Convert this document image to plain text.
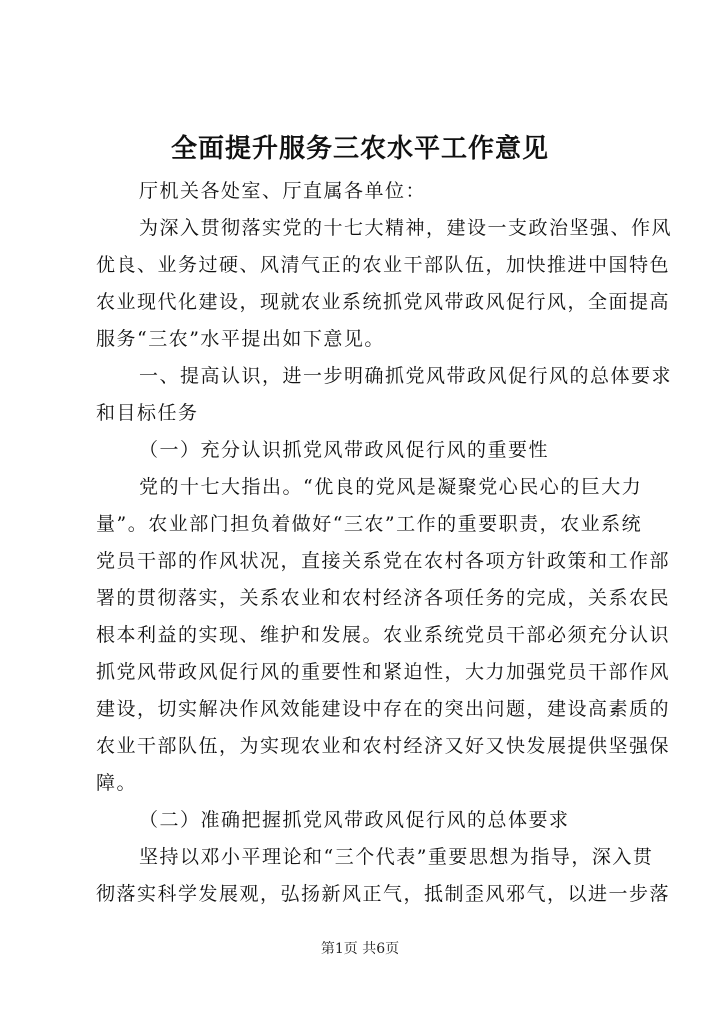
全面提升服务三农水平工作意见
厅机关各处室、厅直属各单位：
为深入贯彻落实党的十七大精神，建设一支政治坚强、作风
优良、业务过硬、风清气正的农业干部队伍，加快推进中国特色
农业现代化建设，现就农业系统抓党风带政风促行风，全面提高
服务“三农”水平提出如下意见。
一、提高认识，进一步明确抓党风带政风促行风的总体要求
和目标任务
（一）充分认识抓党风带政风促行风的重要性
党的十七大指出。“优良的党风是凝聚党心民心的巨大力
量”。农业部门担负着做好“三农”工作的重要职责，农业系统
党员干部的作风状况，直接关系党在农村各项方针政策和工作部
署的贯彻落实，关系农业和农村经济各项任务的完成，关系农民
根本利益的实现、维护和发展。农业系统党员干部必须充分认识
抓党风带政风促行风的重要性和紧迫性，大力加强党员干部作风
建设，切实解决作风效能建设中存在的突出问题，建设高素质的
农业干部队伍，为实现农业和农村经济又好又快发展提供坚强保
障。
（二）准确把握抓党风带政风促行风的总体要求
坚持以邓小平理论和“三个代表”重要思想为指导，深入贯
彻落实科学发展观，弘扬新风正气，抵制歪风邪气，以进一步落
第1页 共6页
